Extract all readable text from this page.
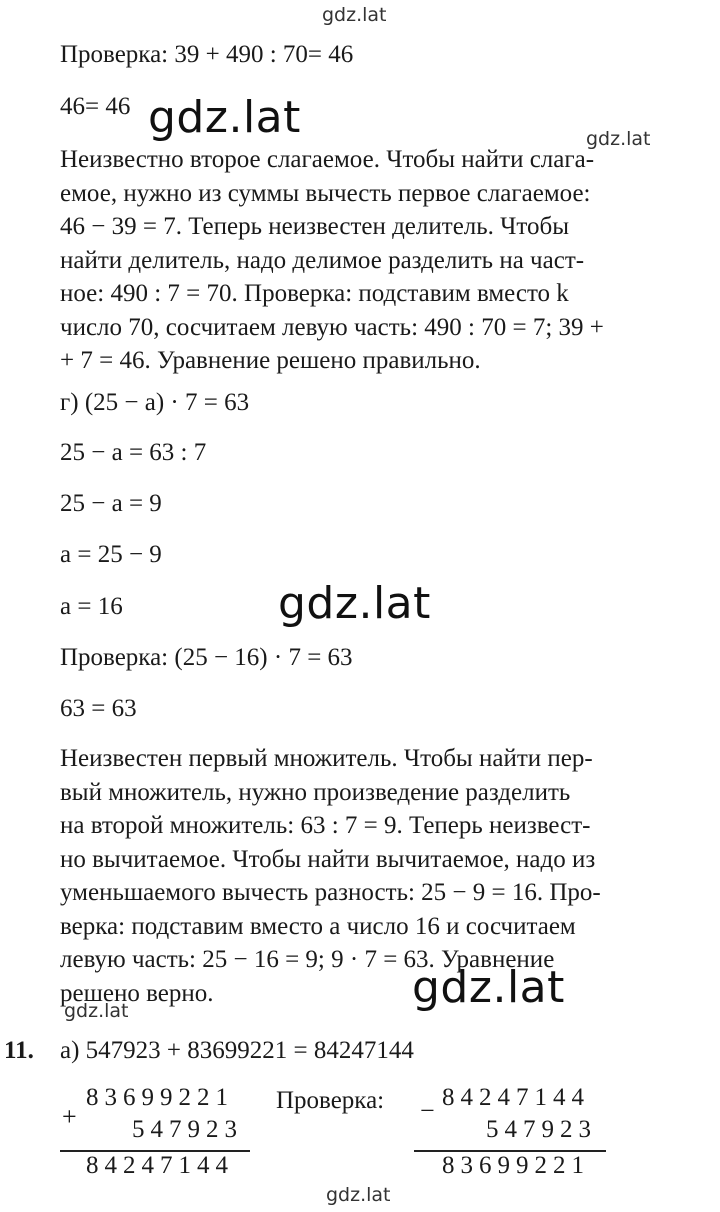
gdz.lat
gdz.lat	gdz.lat
gdz.lat
gdz.lat
gdz.lat
gdz.lat
Проверка: 39 + 490 : 70= 46
46= 46
Неизвестно второе слагаемое. Чтобы найти слага-
емое, нужно из суммы вычесть первое слагаемое:
46 − 39 = 7. Теперь неизвестен делитель. Чтобы
найти делитель, надо делимое разделить на част-
ное: 490 : 7 = 70. Проверка: подставим вместо k
число 70, сосчитаем левую часть: 490 : 70 = 7; 39 +
+ 7 = 46. Уравнение решено правильно.
г) (25 − a) · 7 = 63
25 − a = 63 : 7
25 − a = 9
a = 25 − 9
a = 16
Проверка: (25 − 16) · 7 = 63
63 = 63
Неизвестен первый множитель. Чтобы найти пер-
вый множитель, нужно произведение разделить
на второй множитель: 63 : 7 = 9. Теперь неизвест-
но вычитаемое. Чтобы найти вычитаемое, надо из
уменьшаемого вычесть разность: 25 − 9 = 16. Про-
верка: подставим вместо a число 16 и сосчитаем
левую часть: 25 − 16 = 9; 9 · 7 = 63. Уравнение
решено верно.
11. а) 547923 + 83699221 = 84247144
+
83699221
547923
84247144
Проверка: − 84247144
547923
83699221
